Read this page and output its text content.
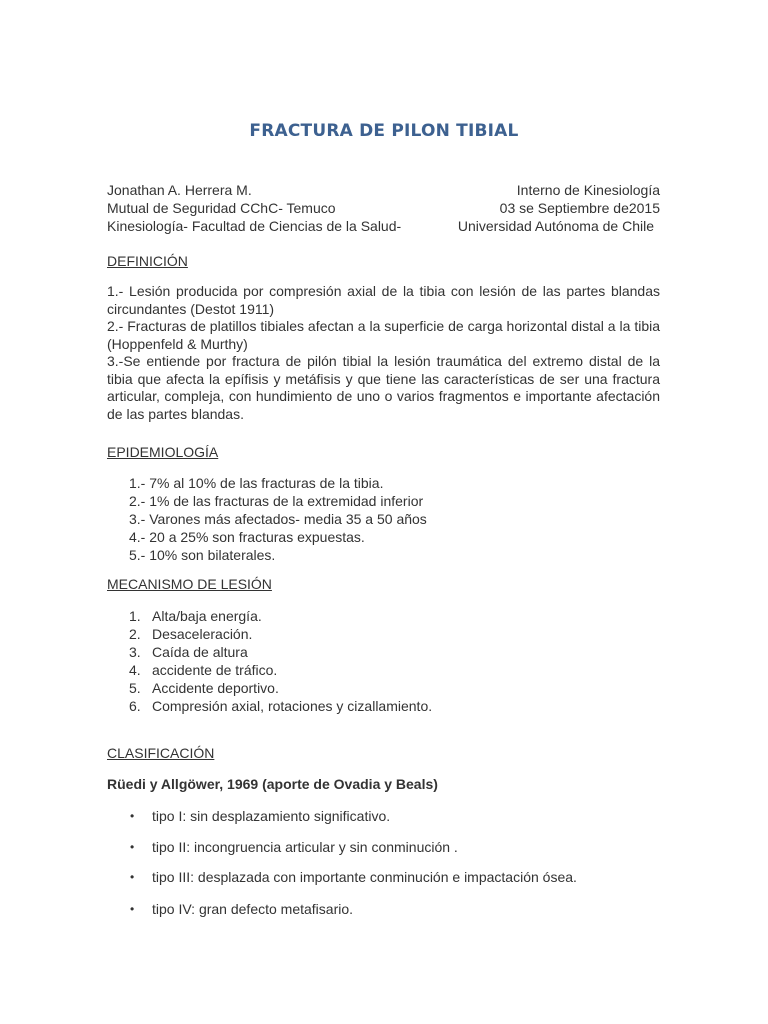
FRACTURA DE PILON TIBIAL
Jonathan A. Herrera M.	Interno de Kinesiología
Mutual de Seguridad CChC- Temuco	03 se Septiembre de2015
Kinesiología- Facultad de Ciencias de la Salud-	Universidad Autónoma de Chile
DEFINICIÓN

1.- Lesión producida por compresión axial de la tibia con lesión de las partes blandas circundantes (Destot 1911)

2.- Fracturas de platillos tibiales afectan a la superficie de carga horizontal distal a la tibia (Hoppenfeld & Murthy)

3.-Se entiende por fractura de pilón tibial la lesión traumática del extremo distal de la tibia que afecta la epífisis y metáfisis y que tiene las características de ser una fractura articular, compleja, con hundimiento de uno o varios fragmentos e importante afectación de las partes blandas.

EPIDEMIOLOGÍA
1.- 7% al 10% de las fracturas de la tibia.
2.- 1% de las fracturas de la extremidad inferior
3.- Varones más afectados- media 35 a 50 años
4.- 20 a 25% son fracturas expuestas.
5.- 10% son bilaterales.
MECANISMO DE LESIÓN
1. Alta/baja energía.
2. Desaceleración.
3. Caída de altura
4. accidente de tráfico.
5. Accidente deportivo.
6. Compresión axial, rotaciones y cizallamiento.
CLASIFICACIÓN
Rüedi y Allgöwer, 1969 (aporte de Ovadia y Beals)
• tipo I: sin desplazamiento significativo.
• tipo II: incongruencia articular y sin conminución .
• tipo III: desplazada con importante conminución e impactación ósea.
• tipo IV: gran defecto metafisario.
